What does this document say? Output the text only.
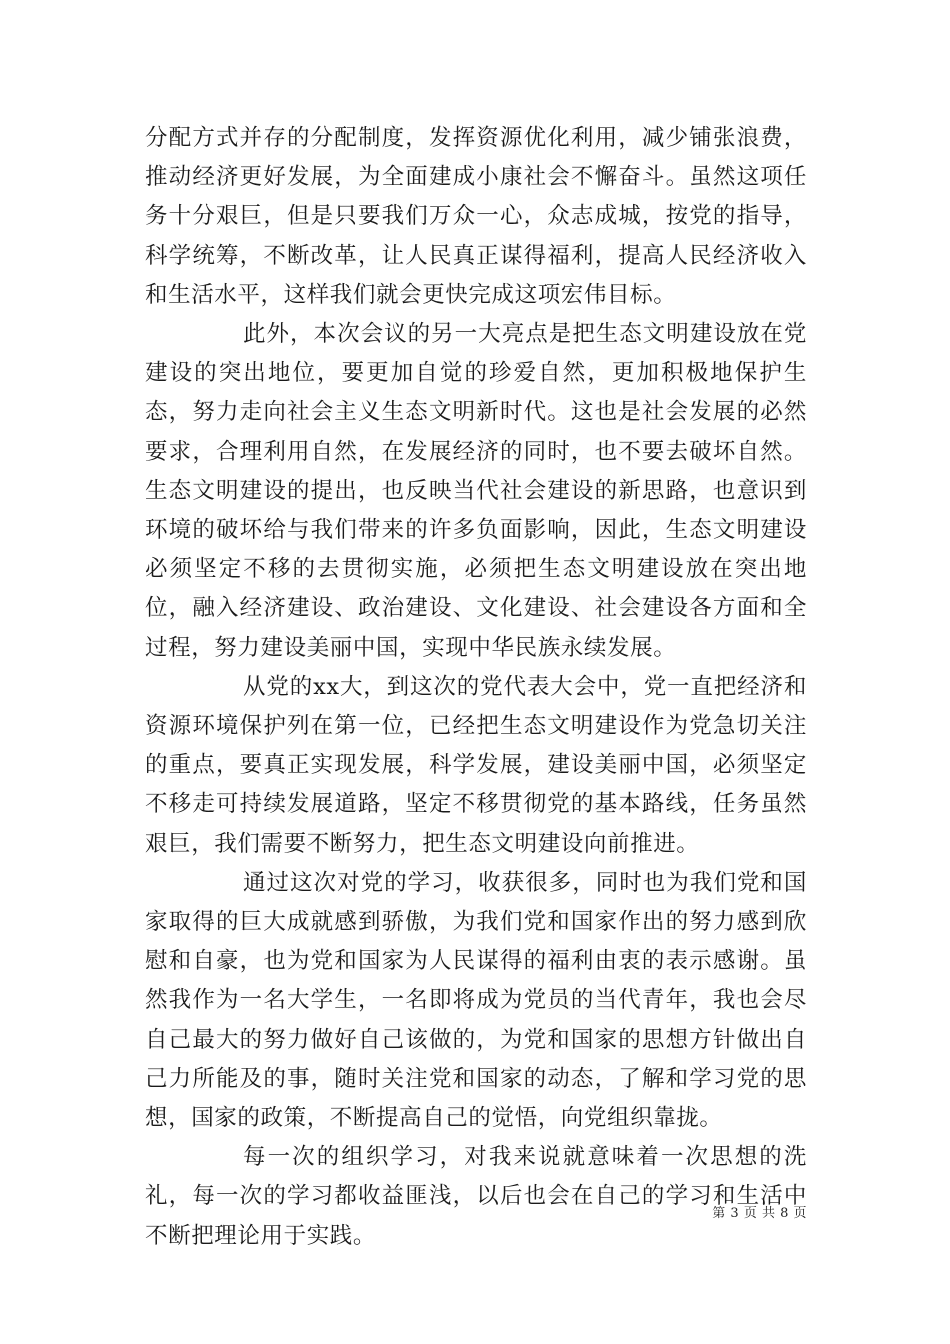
分配方式并存的分配制度，发挥资源优化利用，减少铺张浪费，推动经济更好发展，为全面建成小康社会不懈奋斗。虽然这项任务十分艰巨，但是只要我们万众一心，众志成城，按党的指导，科学统筹，不断改革，让人民真正谋得福利，提高人民经济收入和生活水平，这样我们就会更快完成这项宏伟目标。

此外，本次会议的另一大亮点是把生态文明建设放在党建设的突出地位，要更加自觉的珍爱自然，更加积极地保护生态，努力走向社会主义生态文明新时代。这也是社会发展的必然要求，合理利用自然，在发展经济的同时，也不要去破坏自然。生态文明建设的提出，也反映当代社会建设的新思路，也意识到环境的破坏给与我们带来的许多负面影响，因此，生态文明建设必须坚定不移的去贯彻实施，必须把生态文明建设放在突出地位，融入经济建设、政治建设、文化建设、社会建设各方面和全过程，努力建设美丽中国，实现中华民族永续发展。

从党的xx大，到这次的党代表大会中，党一直把经济和资源环境保护列在第一位，已经把生态文明建设作为党急切关注的重点，要真正实现发展，科学发展，建设美丽中国，必须坚定不移走可持续发展道路，坚定不移贯彻党的基本路线，任务虽然艰巨，我们需要不断努力，把生态文明建设向前推进。

通过这次对党的学习，收获很多，同时也为我们党和国家取得的巨大成就感到骄傲，为我们党和国家作出的努力感到欣慰和自豪，也为党和国家为人民谋得的福利由衷的表示感谢。虽然我作为一名大学生，一名即将成为党员的当代青年，我也会尽自己最大的努力做好自己该做的，为党和国家的思想方针做出自己力所能及的事，随时关注党和国家的动态，了解和学习党的思想，国家的政策，不断提高自己的觉悟，向党组织靠拢。

每一次的组织学习，对我来说就意味着一次思想的洗礼，每一次的学习都收益匪浅，以后也会在自己的学习和生活中不断把理论用于实践。

第 3 页 共 8 页
